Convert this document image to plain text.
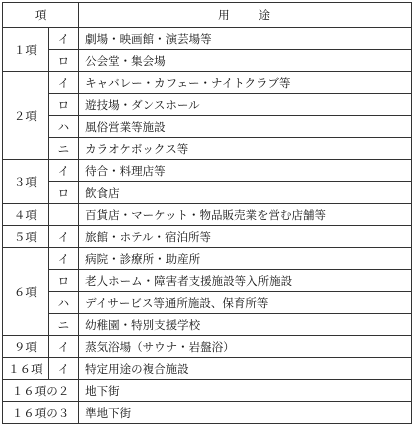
項		用　　途
１項	イ	劇場・映画館・演芸場等
	ロ	公会堂・集会場
２項	イ	キャバレー・カフェー・ナイトクラブ等
	ロ	遊技場・ダンスホール
	ハ	風俗営業等施設
	ニ	カラオケボックス等
３項	イ	待合・料理店等
	ロ	飲食店
４項		百貨店・マーケット・物品販売業を営む店舗等
５項	イ	旅館・ホテル・宿泊所等
６項	イ	病院・診療所・助産所
	ロ	老人ホーム・障害者支援施設等入所施設
	ハ	デイサービス等通所施設、保育所等
	ニ	幼稚園・特別支援学校
９項	イ	蒸気浴場（サウナ・岩盤浴）
１６項	イ	特定用途の複合施設
１６項の２		地下街
１６項の３		準地下街
